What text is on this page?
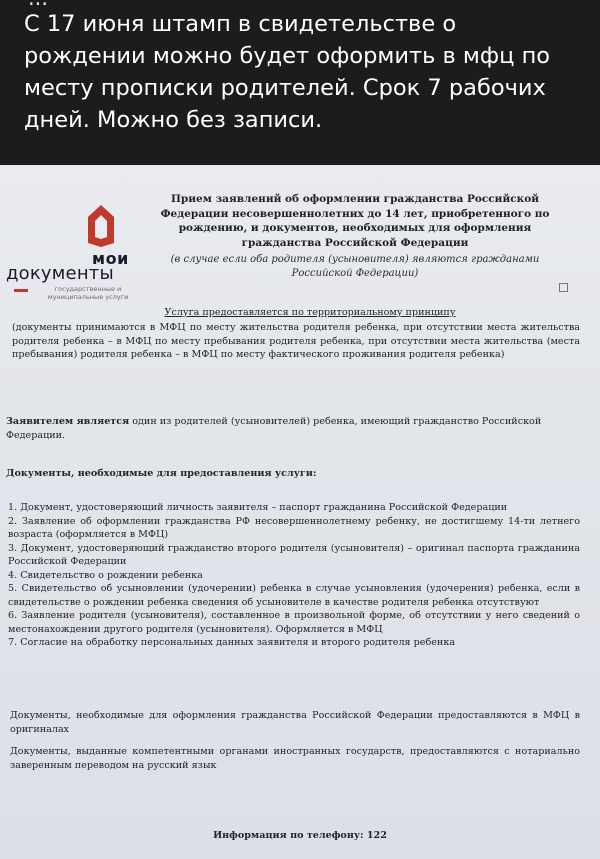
С 17 июня штамп в свидетельстве о рождении можно будет оформить в мфц по месту прописки родителей. Срок 7 рабочих дней. Можно без записи.
мои
документы
государственные и муниципальные услуги
Прием заявлений об оформлении гражданства Российской Федерации несовершеннолетних до 14 лет, приобретенного по рождению, и документов, необходимых для оформления гражданства Российской Федерации
(в случае если оба родителя (усыновителя) являются гражданами Российской Федерации)
Услуга предоставляется по территориальному принципу
(документы принимаются в МФЦ по месту жительства родителя ребенка, при отсутствии места жительства родителя ребенка – в МФЦ по месту пребывания родителя ребенка, при отсутствии места жительства (места пребывания) родителя ребенка – в МФЦ по месту фактического проживания родителя ребенка)
Заявителем является один из родителей (усыновителей) ребенка, имеющий гражданство Российской Федерации.
Документы, необходимые для предоставления услуги:
1. Документ, удостоверяющий личность заявителя – паспорт гражданина Российской Федерации
2. Заявление об оформлении гражданства РФ несовершеннолетнему ребенку, не достигшему 14-ти летнего возраста (оформляется в МФЦ)
3. Документ, удостоверяющий гражданство второго родителя (усыновителя) – оригинал паспорта гражданина Российской Федерации
4. Свидетельство о рождении ребенка
5. Свидетельство об усыновлении (удочерении) ребенка в случае усыновления (удочерения) ребенка, если в свидетельстве о рождении ребенка сведения об усыновителе в качестве родителя ребенка отсутствуют
6. Заявление родителя (усыновителя), составленное в произвольной форме, об отсутствии у него сведений о местонахождении другого родителя (усыновителя). Оформляется в МФЦ
7. Согласие на обработку персональных данных заявителя и второго родителя ребенка
Документы, необходимые для оформления гражданства Российской Федерации предоставляются в МФЦ в оригиналах
Документы, выданные компетентными органами иностранных государств, предоставляются с нотариально заверенным переводом на русский язык
Информация по телефону: 122
